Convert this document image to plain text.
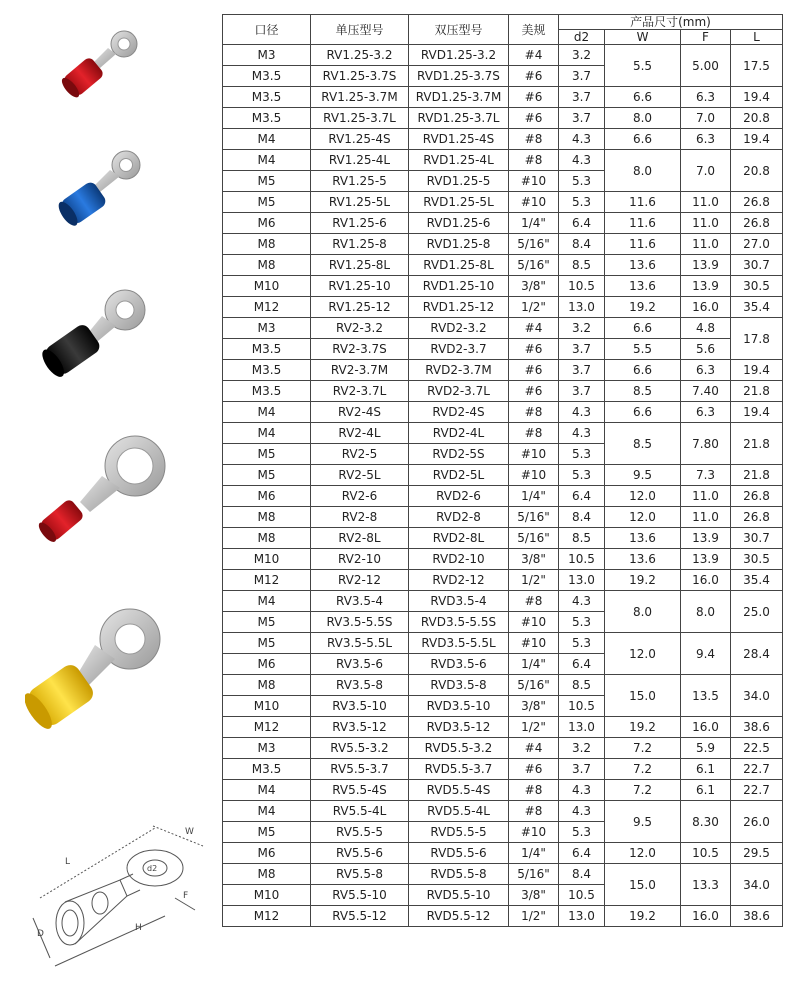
W
L
d2
F
D
H
口径	单压型号	双压型号	美规	产品尺寸(mm)			
				d2	W	F	L
M3	RV1.25-3.2	RVD1.25-3.2	#4	3.2	5.5	5.00	17.5
M3.5	RV1.25-3.7S	RVD1.25-3.7S	#6	3.7			
M3.5	RV1.25-3.7M	RVD1.25-3.7M	#6	3.7	6.6	6.3	19.4
M3.5	RV1.25-3.7L	RVD1.25-3.7L	#6	3.7	8.0	7.0	20.8
M4	RV1.25-4S	RVD1.25-4S	#8	4.3	6.6	6.3	19.4
M4	RV1.25-4L	RVD1.25-4L	#8	4.3	8.0	7.0	20.8
M5	RV1.25-5	RVD1.25-5	#10	5.3			
M5	RV1.25-5L	RVD1.25-5L	#10	5.3	11.6	11.0	26.8
M6	RV1.25-6	RVD1.25-6	1/4"	6.4	11.6	11.0	26.8
M8	RV1.25-8	RVD1.25-8	5/16"	8.4	11.6	11.0	27.0
M8	RV1.25-8L	RVD1.25-8L	5/16"	8.5	13.6	13.9	30.7
M10	RV1.25-10	RVD1.25-10	3/8"	10.5	13.6	13.9	30.5
M12	RV1.25-12	RVD1.25-12	1/2"	13.0	19.2	16.0	35.4
M3	RV2-3.2	RVD2-3.2	#4	3.2	6.6	4.8	17.8
M3.5	RV2-3.7S	RVD2-3.7	#6	3.7	5.5	5.6	
M3.5	RV2-3.7M	RVD2-3.7M	#6	3.7	6.6	6.3	19.4
M3.5	RV2-3.7L	RVD2-3.7L	#6	3.7	8.5	7.40	21.8
M4	RV2-4S	RVD2-4S	#8	4.3	6.6	6.3	19.4
M4	RV2-4L	RVD2-4L	#8	4.3	8.5	7.80	21.8
M5	RV2-5	RVD2-5S	#10	5.3			
M5	RV2-5L	RVD2-5L	#10	5.3	9.5	7.3	21.8
M6	RV2-6	RVD2-6	1/4"	6.4	12.0	11.0	26.8
M8	RV2-8	RVD2-8	5/16"	8.4	12.0	11.0	26.8
M8	RV2-8L	RVD2-8L	5/16"	8.5	13.6	13.9	30.7
M10	RV2-10	RVD2-10	3/8"	10.5	13.6	13.9	30.5
M12	RV2-12	RVD2-12	1/2"	13.0	19.2	16.0	35.4
M4	RV3.5-4	RVD3.5-4	#8	4.3	8.0	8.0	25.0
M5	RV3.5-5.5S	RVD3.5-5.5S	#10	5.3			
M5	RV3.5-5.5L	RVD3.5-5.5L	#10	5.3	12.0	9.4	28.4
M6	RV3.5-6	RVD3.5-6	1/4"	6.4			
M8	RV3.5-8	RVD3.5-8	5/16"	8.5	15.0	13.5	34.0
M10	RV3.5-10	RVD3.5-10	3/8"	10.5			
M12	RV3.5-12	RVD3.5-12	1/2"	13.0	19.2	16.0	38.6
M3	RV5.5-3.2	RVD5.5-3.2	#4	3.2	7.2	5.9	22.5
M3.5	RV5.5-3.7	RVD5.5-3.7	#6	3.7	7.2	6.1	22.7
M4	RV5.5-4S	RVD5.5-4S	#8	4.3	7.2	6.1	22.7
M4	RV5.5-4L	RVD5.5-4L	#8	4.3	9.5	8.30	26.0
M5	RV5.5-5	RVD5.5-5	#10	5.3			
M6	RV5.5-6	RVD5.5-6	1/4"	6.4	12.0	10.5	29.5
M8	RV5.5-8	RVD5.5-8	5/16"	8.4	15.0	13.3	34.0
M10	RV5.5-10	RVD5.5-10	3/8"	10.5			
M12	RV5.5-12	RVD5.5-12	1/2"	13.0	19.2	16.0	38.6
